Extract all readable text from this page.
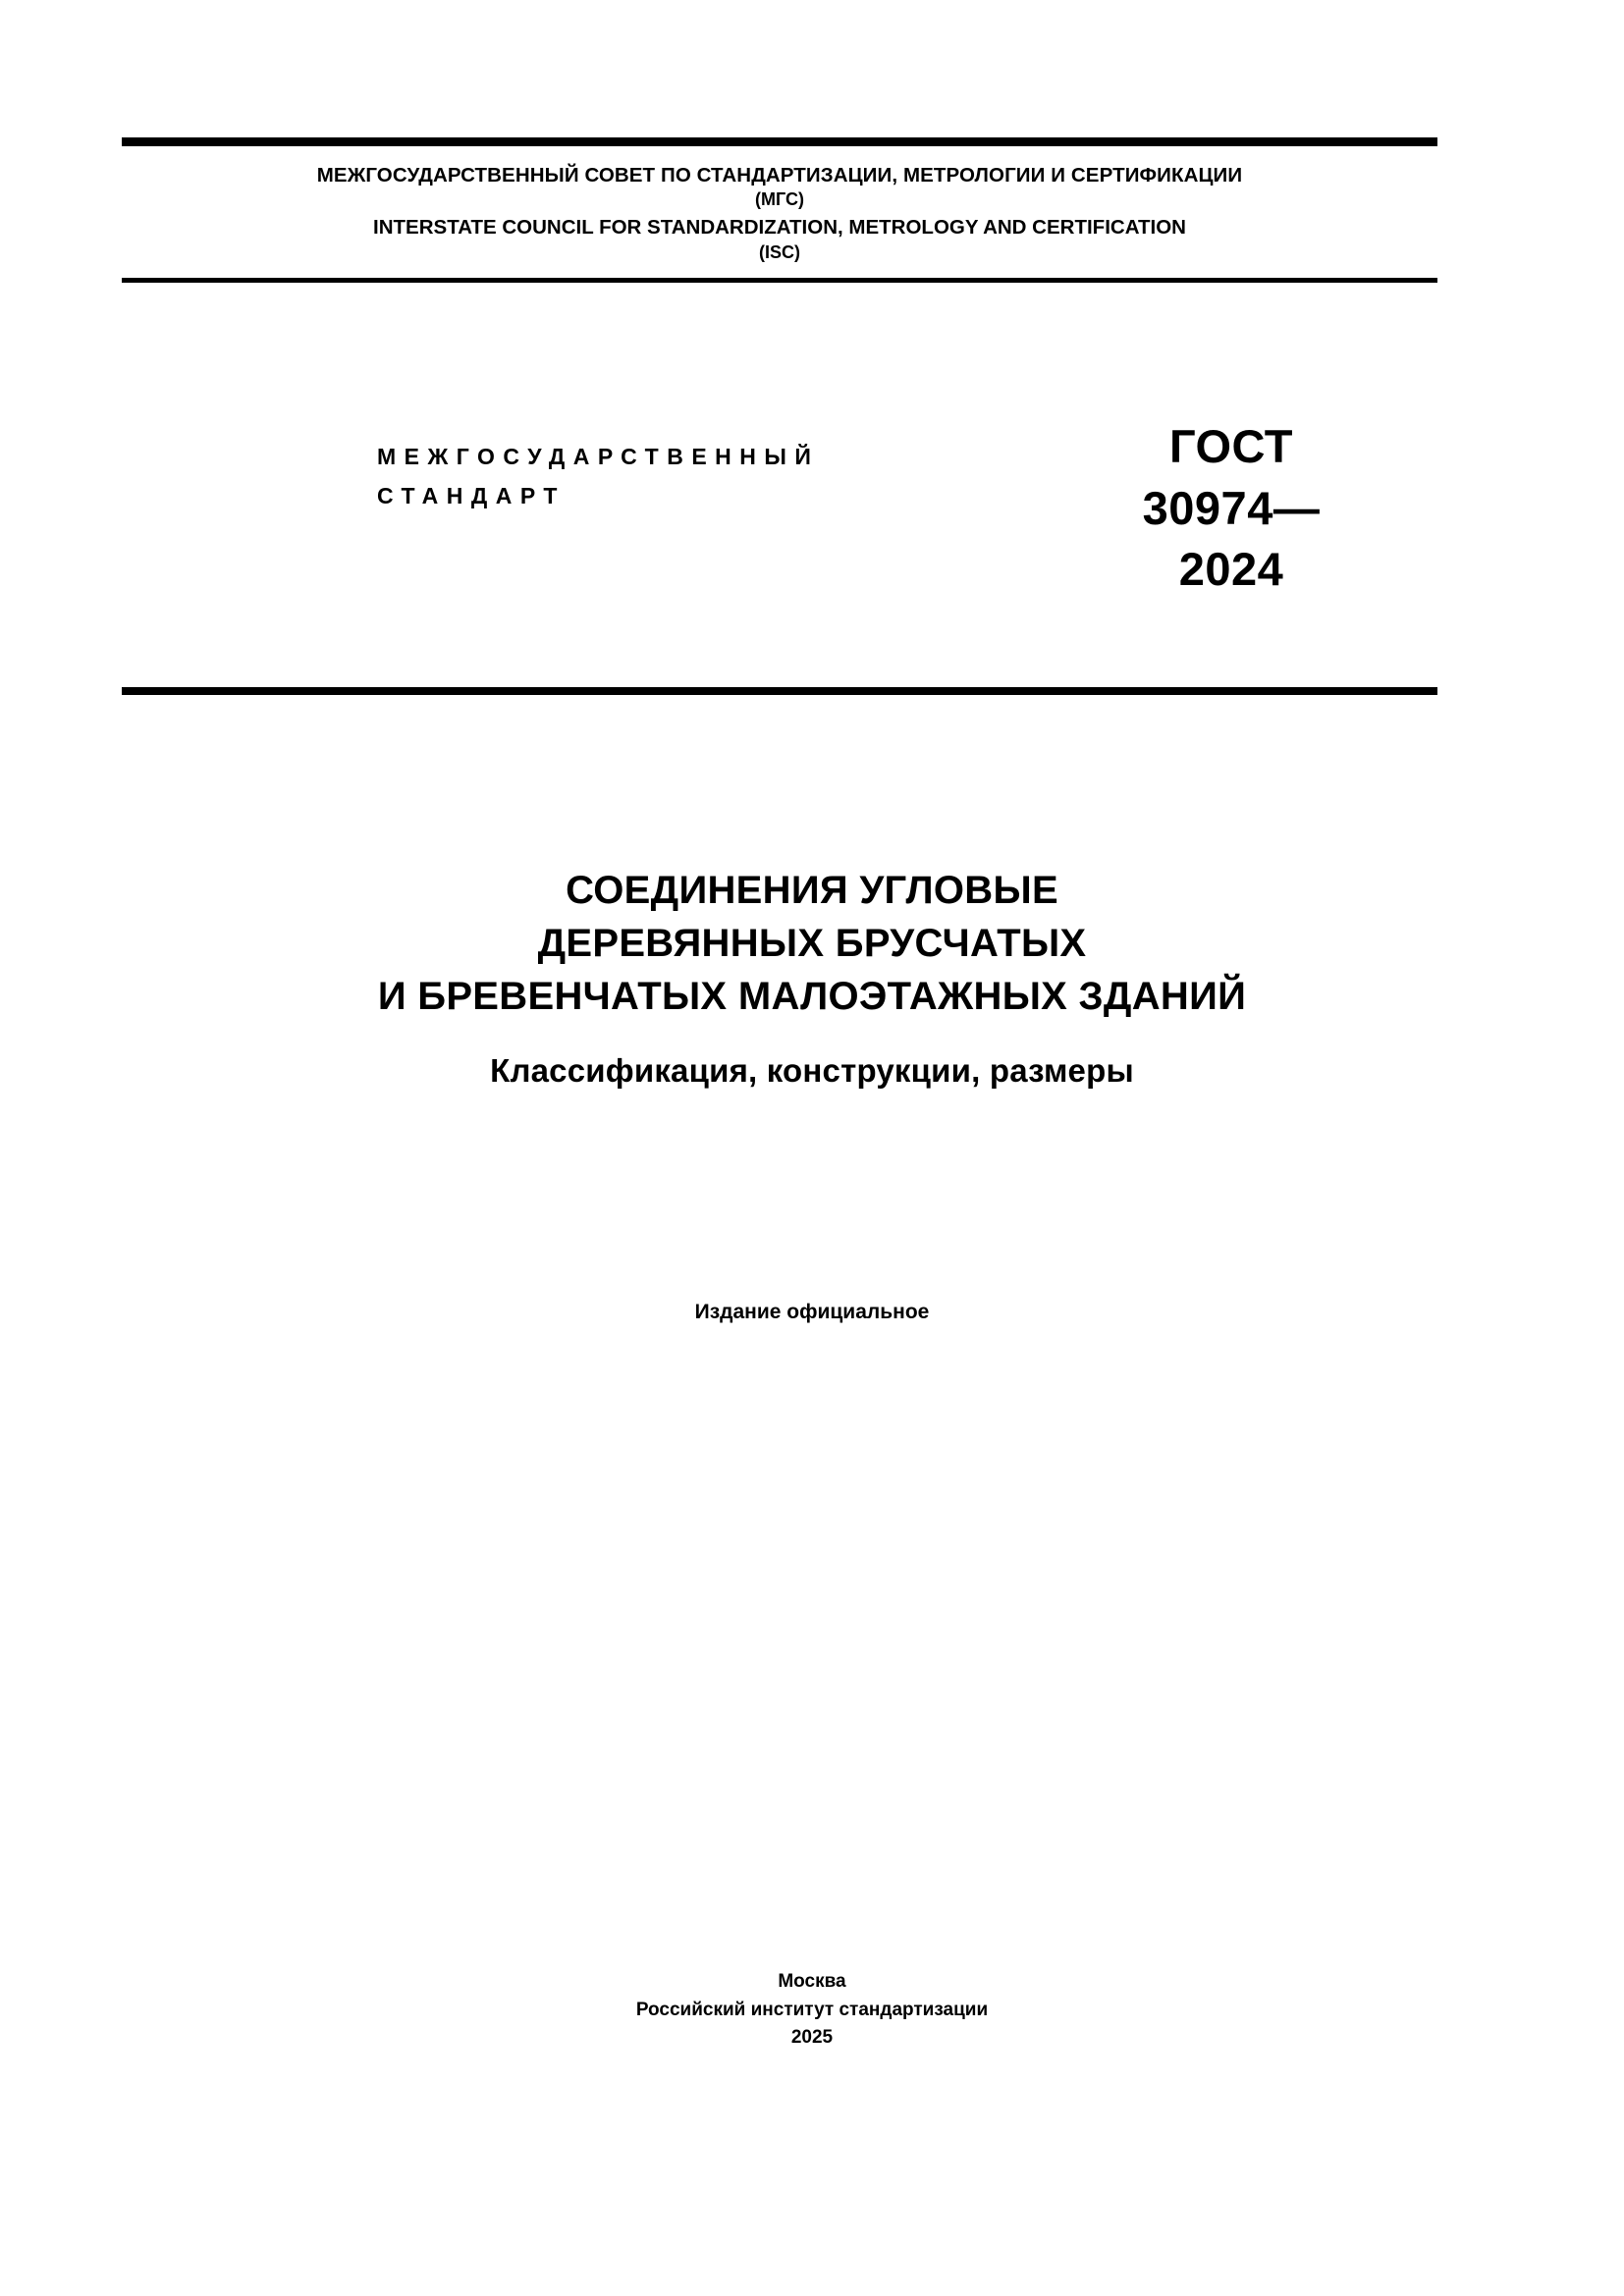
МЕЖГОСУДАРСТВЕННЫЙ СОВЕТ ПО СТАНДАРТИЗАЦИИ, МЕТРОЛОГИИ И СЕРТИФИКАЦИИ
(МГС)
INTERSTATE COUNCIL FOR STANDARDIZATION, METROLOGY AND CERTIFICATION
(ISC)
МЕЖГОСУДАРСТВЕННЫЙ
СТАНДАРТ
ГОСТ
30974—
2024
СОЕДИНЕНИЯ УГЛОВЫЕ
ДЕРЕВЯННЫХ БРУСЧАТЫХ
И БРЕВЕНЧАТЫХ МАЛОЭТАЖНЫХ ЗДАНИЙ
Классификация, конструкции, размеры
Издание официальное
Москва
Российский институт стандартизации
2025
